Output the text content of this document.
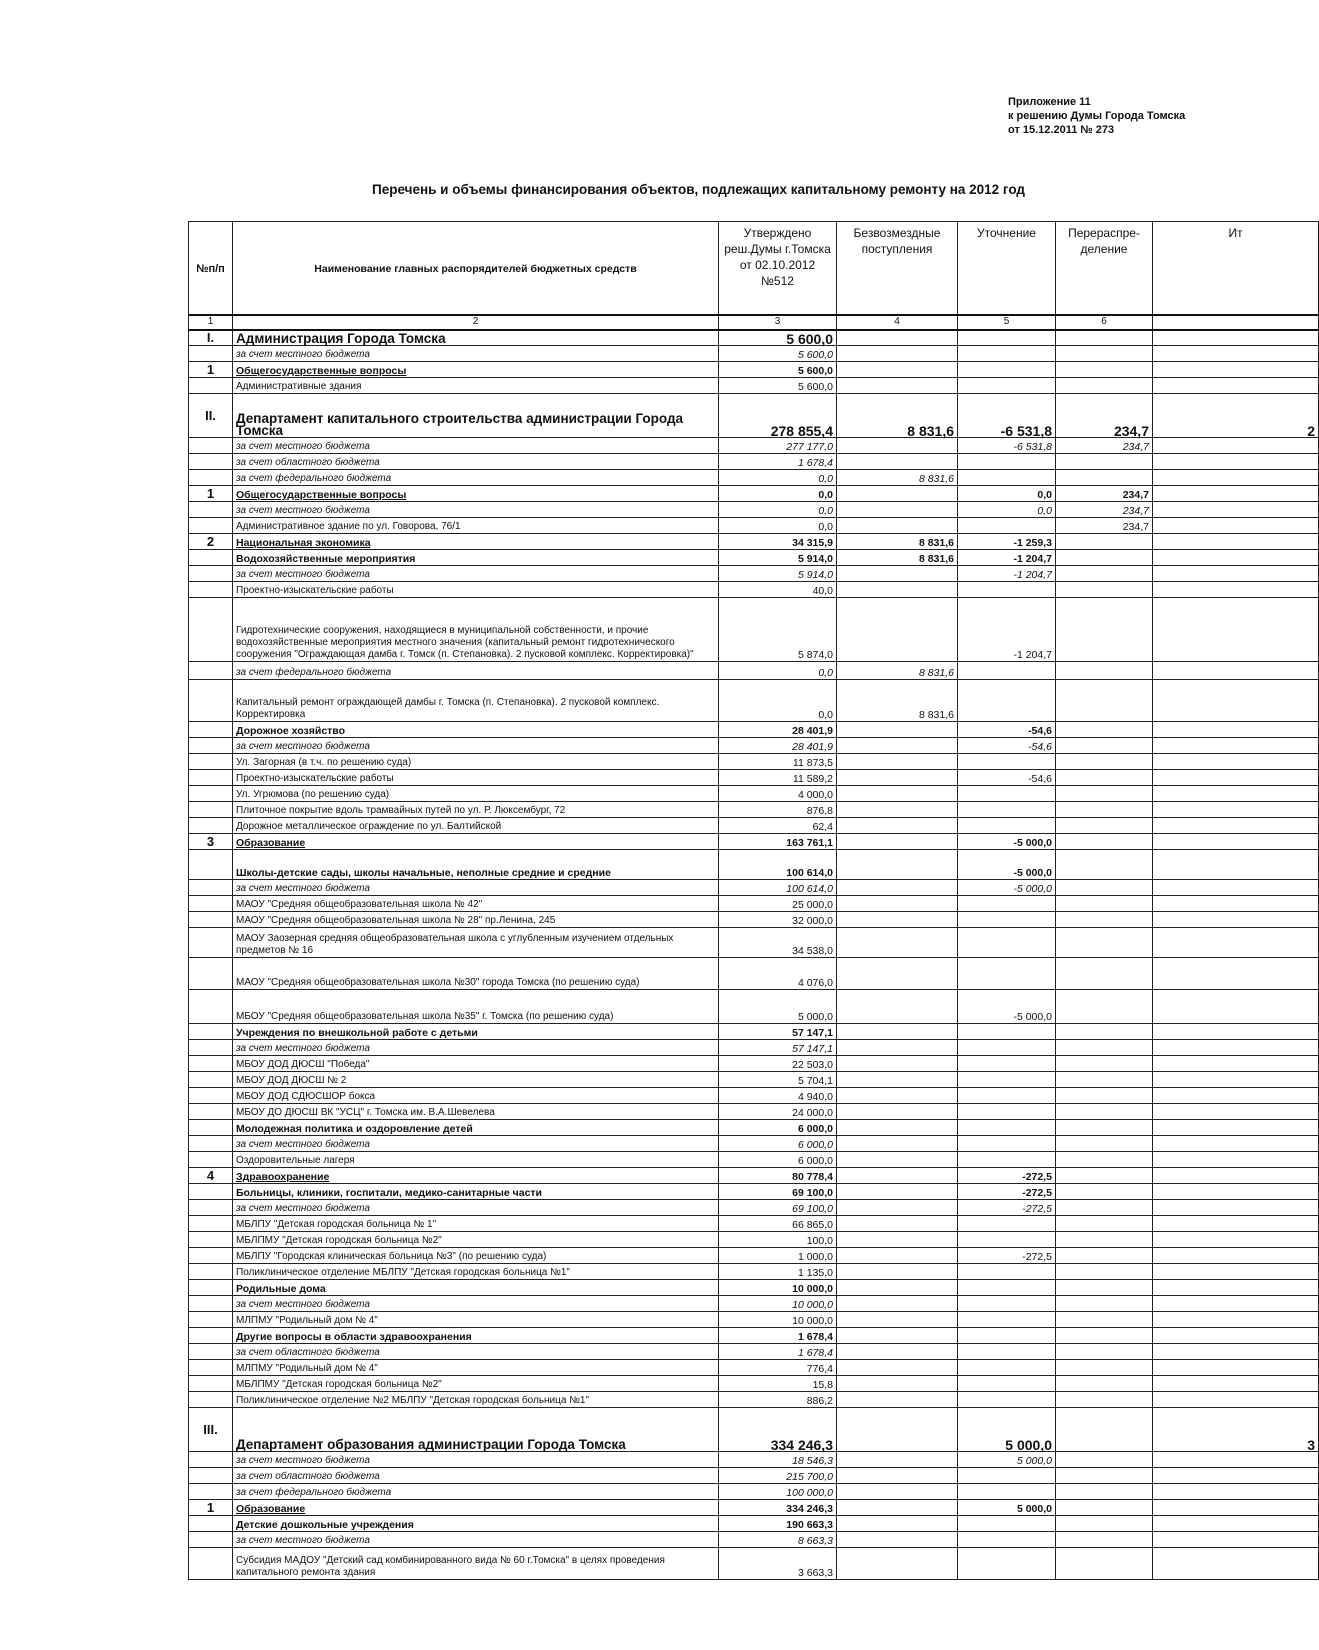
Приложение 11
к решению Думы Города Томска
от 15.12.2011 № 273
Перечень и объемы финансирования объектов, подлежащих капитальному ремонту на 2012 год
№п/п	Наименование главных распорядителей бюджетных средств	Утверждено реш.Думы г.Томска от 02.10.2012 №512	Безвозмездные поступления	Уточнение	Перераспре-деление	Ит
1	2	3	4	5	6	
I.	Администрация Города Томска	5 600,0				
	за счет местного бюджета	5 600,0				
1	Общегосударственные вопросы	5 600,0				
	Административные здания	5 600,0				
II.	Департамент капитального строительства администрации Города Томска	278 855,4	8 831,6	-6 531,8	234,7	2
	за счет местного бюджета	277 177,0		-6 531,8	234,7	
	за счет областного бюджета	1 678,4				
	за счет федерального бюджета	0,0	8 831,6			
1	Общегосударственные вопросы	0,0		0,0	234,7	
	за счет местного бюджета	0,0		0,0	234,7	
	Административное здание по ул. Говорова, 76/1	0,0			234,7	
2	Национальная экономика	34 315,9	8 831,6	-1 259,3		
	Водохозяйственные мероприятия	5 914,0	8 831,6	-1 204,7		
	за счет местного бюджета	5 914,0		-1 204,7		
	Проектно-изыскательские работы	40,0				
	Гидротехнические сооружения, находящиеся в муниципальной собственности, и прочие водохозяйственные мероприятия местного значения (капитальный ремонт гидротехнического сооружения "Ограждающая дамба г. Томск (п. Степановка). 2 пусковой комплекс. Корректировка)"	5 874,0		-1 204,7		
	за счет федерального бюджета	0,0	8 831,6			
	Капитальный ремонт ограждающей дамбы г. Томска (п. Степановка). 2 пусковой комплекс. Корректировка	0,0	8 831,6			
	Дорожное хозяйство	28 401,9		-54,6		
	за счет местного бюджета	28 401,9		-54,6		
	Ул. Загорная (в т.ч. по решению суда)	11 873,5				
	Проектно-изыскательские работы	11 589,2		-54,6		
	Ул. Угрюмова (по решению суда)	4 000,0				
	Плиточное покрытие вдоль трамвайных путей по ул. Р. Люксембург, 72	876,8				
	Дорожное металлическое ограждение по ул. Балтийской	62,4				
3	Образование	163 761,1		-5 000,0		
	Школы-детские сады, школы начальные, неполные средние и средние	100 614,0		-5 000,0		
	за счет местного бюджета	100 614,0		-5 000,0		
	МАОУ "Средняя общеобразовательная школа № 42"	25 000,0				
	МАОУ "Средняя общеобразовательная школа № 28" пр.Ленина, 245	32 000,0				
	МАОУ Заозерная средняя общеобразовательная школа с углубленным изучением отдельных предметов № 16	34 538,0				
	МАОУ "Средняя общеобразовательная школа №30" города Томска (по решению суда)	4 076,0				
	МБОУ "Средняя общеобразовательная школа №35" г. Томска (по решению суда)	5 000,0		-5 000,0		
	Учреждения по внешкольной работе с детьми	57 147,1				
	за счет местного бюджета	57 147,1				
	МБОУ ДОД ДЮСШ "Победа"	22 503,0				
	МБОУ ДОД ДЮСШ № 2	5 704,1				
	МБОУ ДОД СДЮСШОР бокса	4 940,0				
	МБОУ ДО ДЮСШ ВК "УСЦ" г. Томска им. В.А.Шевелева	24 000,0				
	Молодежная политика и оздоровление детей	6 000,0				
	за счет местного бюджета	6 000,0				
	Оздоровительные лагеря	6 000,0				
4	Здравоохранение	80 778,4		-272,5		
	Больницы, клиники, госпитали, медико-санитарные части	69 100,0		-272,5		
	за счет местного бюджета	69 100,0		-272,5		
	МБЛПУ "Детская городская больница № 1"	66 865,0				
	МБЛПМУ "Детская городская больница №2"	100,0				
	МБЛПУ "Городская клиническая больница №3" (по решению суда)	1 000,0		-272,5		
	Поликлиническое отделение МБЛПУ "Детская городская больница №1"	1 135,0				
	Родильные дома	10 000,0				
	за счет местного бюджета	10 000,0				
	МЛПМУ "Родильный дом № 4"	10 000,0				
	Другие вопросы в области здравоохранения	1 678,4				
	за счет областного бюджета	1 678,4				
	МЛПМУ "Родильный дом № 4"	776,4				
	МБЛПМУ "Детская городская больница №2"	15,8				
	Поликлиническое отделение №2 МБЛПУ "Детская городская больница №1"	886,2				
III.	Департамент образования администрации Города Томска	334 246,3		5 000,0		3
	за счет местного бюджета	18 546,3		5 000,0		
	за счет областного бюджета	215 700,0				
	за счет федерального бюджета	100 000,0				
1	Образование	334 246,3		5 000,0		
	Детские дошкольные учреждения	190 663,3				
	за счет местного бюджета	8 663,3				
	Субсидия МАДОУ "Детский сад комбинированного вида № 60 г.Томска" в целях проведения капитального ремонта здания	3 663,3				
